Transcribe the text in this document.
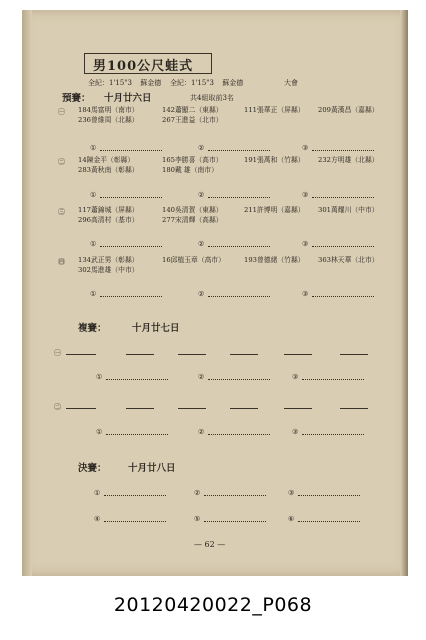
男100公尺蛙式
全紀：1'15"3 蘇金德 全紀：1'15"3 蘇金德	大會
預賽： 十月廿六日	共4組取前3名
㊀ 184馬富明（南市）	142蕭顯二（東縣）	111張華正（屏縣） 209黃漢昌（嘉縣）
236曾維周（北縣）	267王進益（北市）
①	②	③
㊁ 14陳金平（彰縣）	165李勝喜（高市）	191張萬和（竹縣） 232方明雄（北縣）
283黃秋南（彰縣）	180戴 雄（南市）
①	②	③
㊂ 117蕭錦城（屏縣）	140吳清賀（東縣）	211許博明（嘉縣） 301萬耀川（中市）
296高清村（基市）	277宋清輝（高縣）
①	②	③
㊃ 134武正男（彰縣）	16邱植玉章（高市）	193曾德緒（竹縣） 363林天華（北市）
302馬進雄（中市）
①	②	③
複賽：	十月廿七日
㊀
①	②	③
㊁
①	②	③
決賽： 十月廿八日
①	②	③
④	⑤	⑥
— 62 —
20120420022_P068
